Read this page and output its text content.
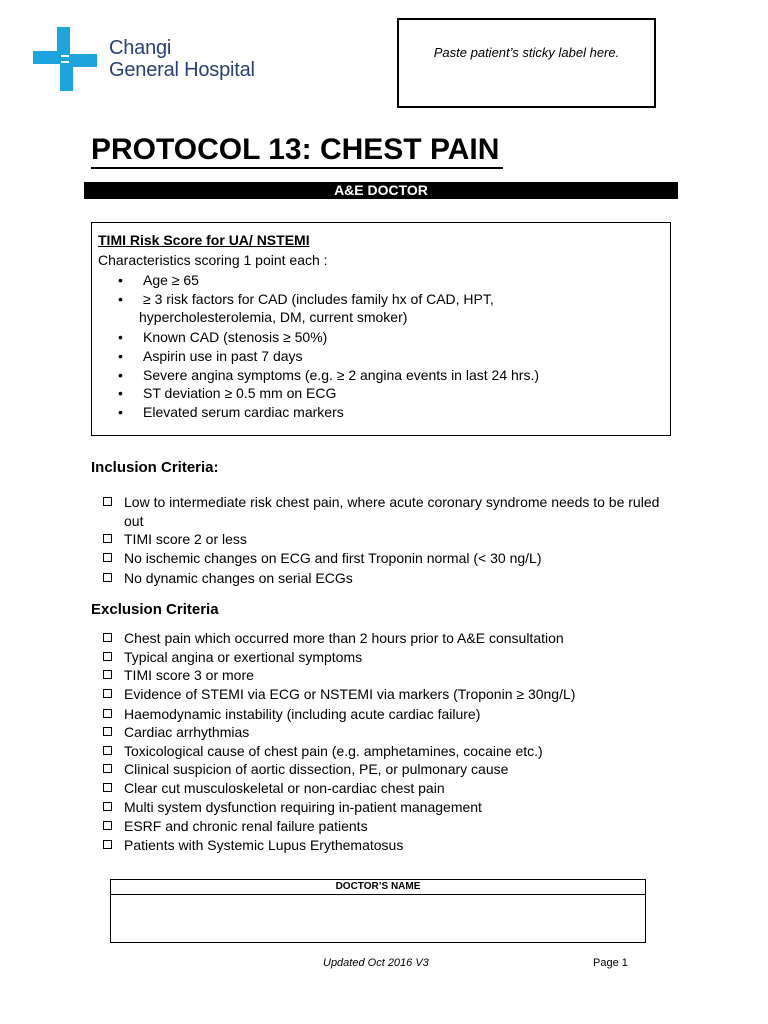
Changi
General Hospital
Paste patient’s sticky label here.
PROTOCOL 13: CHEST PAIN
A&E DOCTOR
TIMI Risk Score for UA/ NSTEMI
Characteristics scoring 1 point each :
• Age ≥ 65
• ≥ 3 risk factors for CAD (includes family hx of CAD, HPT,
hypercholesterolemia, DM, current smoker)
• Known CAD (stenosis ≥ 50%)
• Aspirin use in past 7 days
• Severe angina symptoms (e.g. ≥ 2 angina events in last 24 hrs.)
• ST deviation ≥ 0.5 mm on ECG
• Elevated serum cardiac markers
Inclusion Criteria:
Low to intermediate risk chest pain, where acute coronary syndrome needs to be ruled
out
TIMI score 2 or less
No ischemic changes on ECG and first Troponin normal (< 30 ng/L)
No dynamic changes on serial ECGs
Exclusion Criteria
Chest pain which occurred more than 2 hours prior to A&E consultation
Typical angina or exertional symptoms
TIMI score 3 or more
Evidence of STEMI via ECG or NSTEMI via markers (Troponin ≥ 30ng/L)
Haemodynamic instability (including acute cardiac failure)
Cardiac arrhythmias
Toxicological cause of chest pain (e.g. amphetamines, cocaine etc.)
Clinical suspicion of aortic dissection, PE, or pulmonary cause
Clear cut musculoskeletal or non-cardiac chest pain
Multi system dysfunction requiring in-patient management
ESRF and chronic renal failure patients
Patients with Systemic Lupus Erythematosus
DOCTOR’S NAME
Updated Oct 2016 V3	Page 1
